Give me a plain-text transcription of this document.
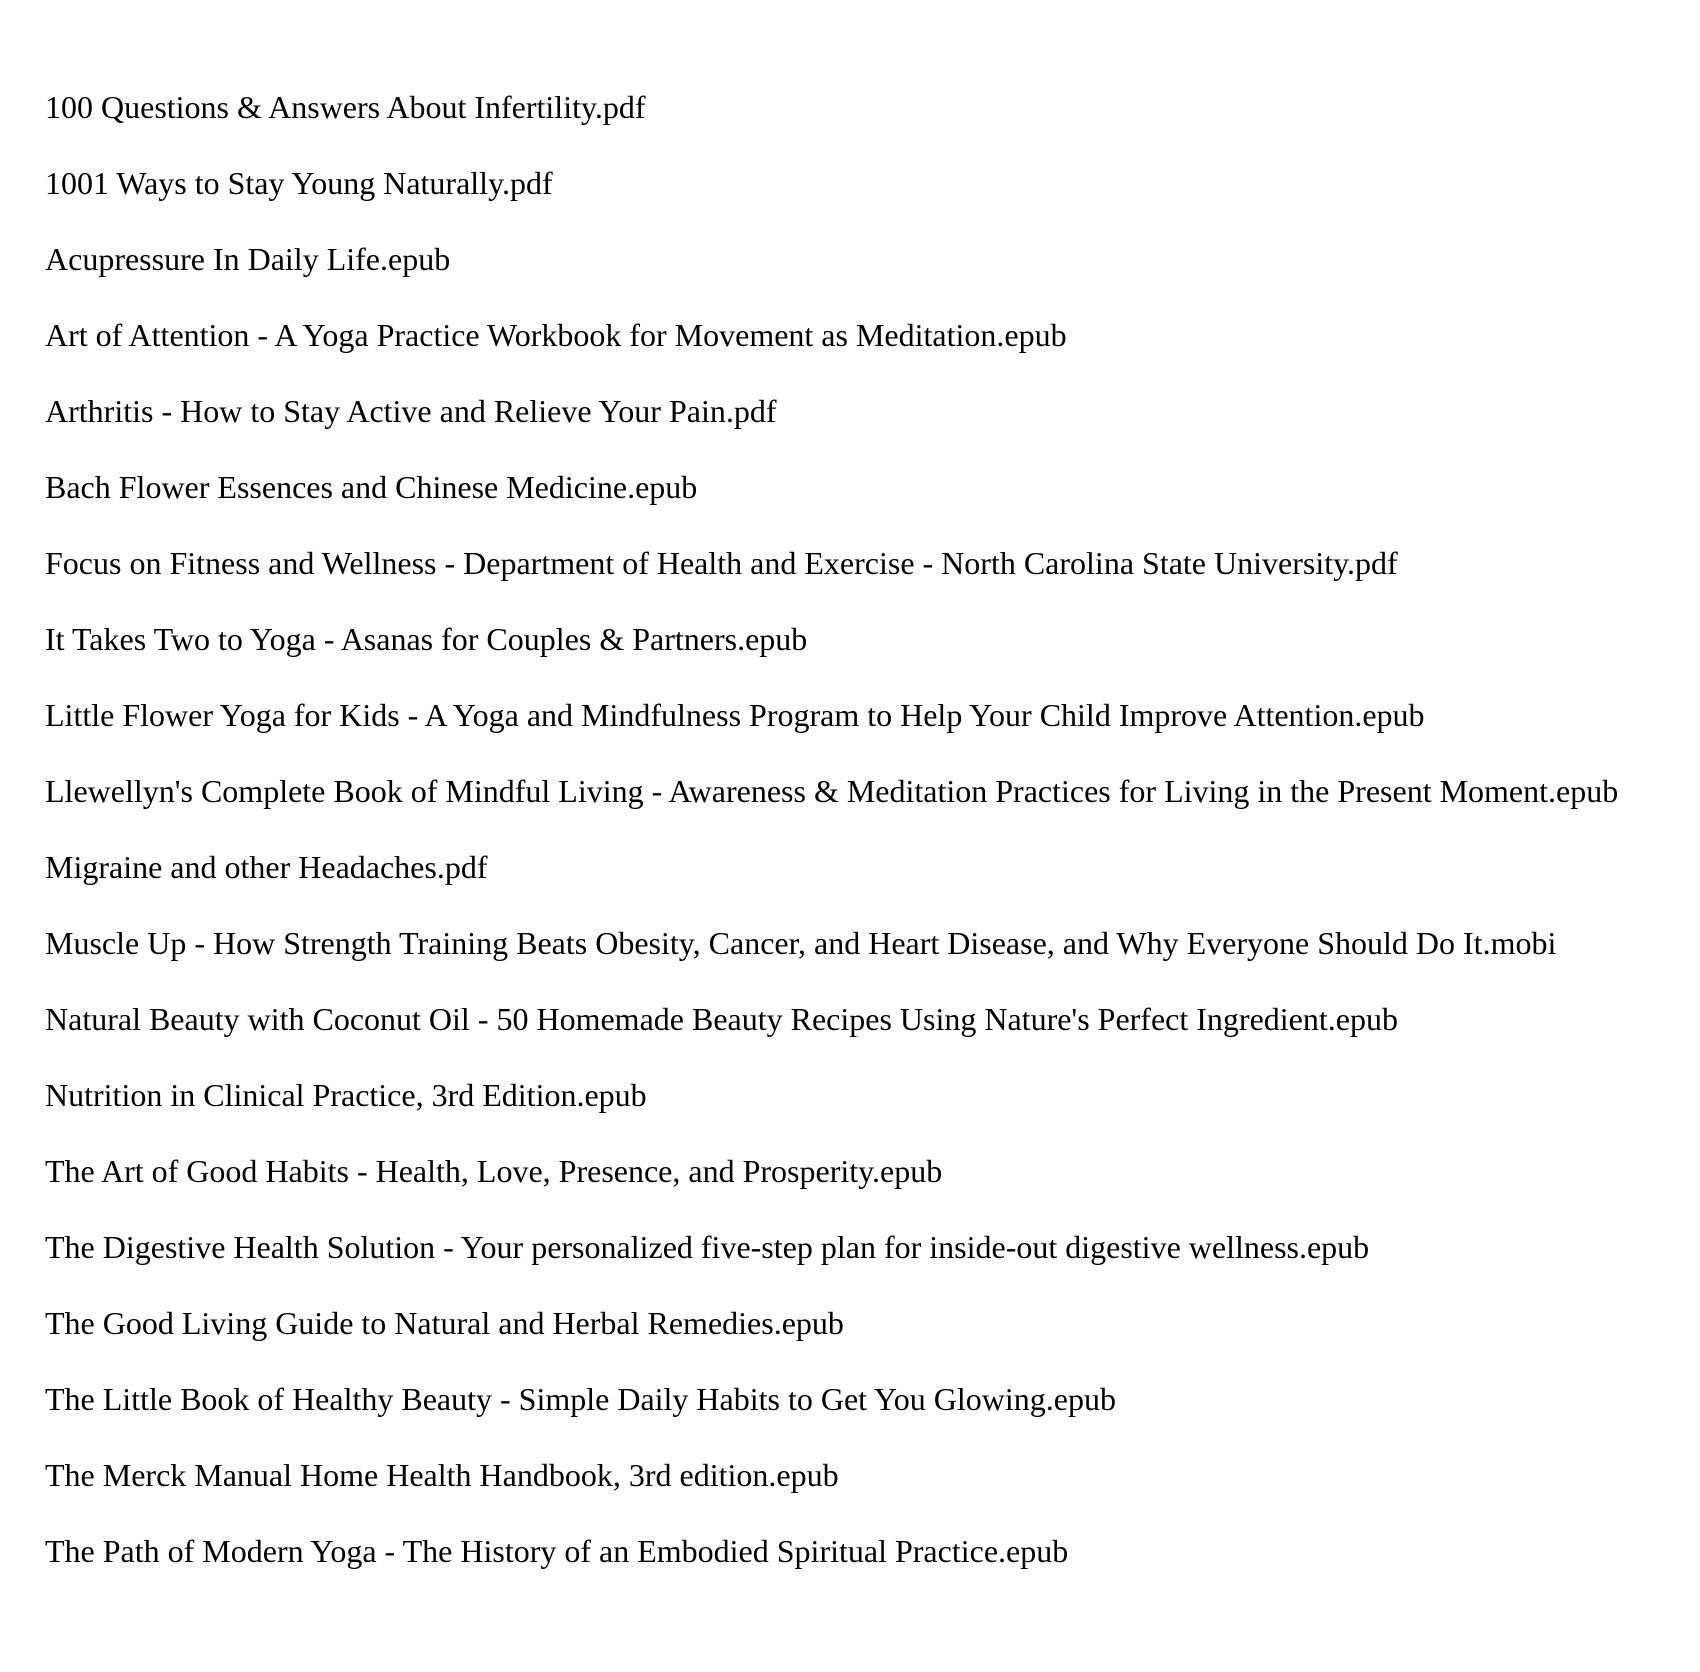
100 Questions & Answers About Infertility.pdf
1001 Ways to Stay Young Naturally.pdf
Acupressure In Daily Life.epub
Art of Attention - A Yoga Practice Workbook for Movement as Meditation.epub
Arthritis - How to Stay Active and Relieve Your Pain.pdf
Bach Flower Essences and Chinese Medicine.epub
Focus on Fitness and Wellness - Department of Health and Exercise - North Carolina State University.pdf
It Takes Two to Yoga - Asanas for Couples & Partners.epub
Little Flower Yoga for Kids - A Yoga and Mindfulness Program to Help Your Child Improve Attention.epub
Llewellyn's Complete Book of Mindful Living - Awareness & Meditation Practices for Living in the Present Moment.epub
Migraine and other Headaches.pdf
Muscle Up - How Strength Training Beats Obesity, Cancer, and Heart Disease, and Why Everyone Should Do It.mobi
Natural Beauty with Coconut Oil - 50 Homemade Beauty Recipes Using Nature's Perfect Ingredient.epub
Nutrition in Clinical Practice, 3rd Edition.epub
The Art of Good Habits - Health, Love, Presence, and Prosperity.epub
The Digestive Health Solution - Your personalized five-step plan for inside-out digestive wellness.epub
The Good Living Guide to Natural and Herbal Remedies.epub
The Little Book of Healthy Beauty - Simple Daily Habits to Get You Glowing.epub
The Merck Manual Home Health Handbook, 3rd edition.epub
The Path of Modern Yoga - The History of an Embodied Spiritual Practice.epub
